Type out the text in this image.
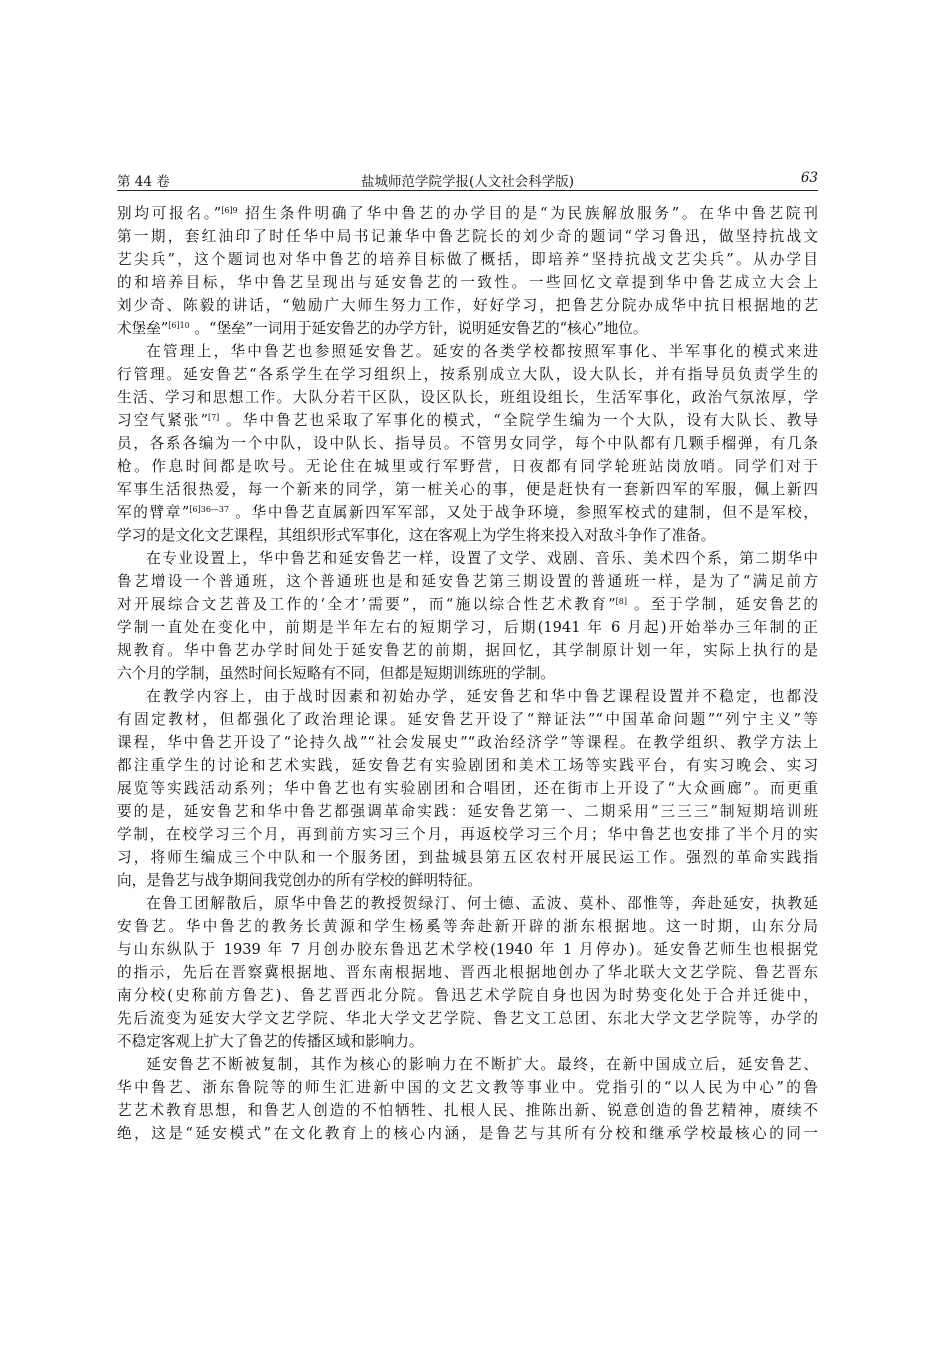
第 44 卷	盐城师范学院学报(人文社会科学版)	63
别均可报名。”$^{[6]9}$ 招生条件明确了华中鲁艺的办学目的是“为民族解放服务”。在华中鲁艺院刊
第一期，套红油印了时任华中局书记兼华中鲁艺院长的刘少奇的题词“学习鲁迅，做坚持抗战文
艺尖兵”，这个题词也对华中鲁艺的培养目标做了概括，即培养“坚持抗战文艺尖兵”。从办学目
的和培养目标，华中鲁艺呈现出与延安鲁艺的一致性。一些回忆文章提到华中鲁艺成立大会上
刘少奇、陈毅的讲话，“勉励广大师生努力工作，好好学习，把鲁艺分院办成华中抗日根据地的艺
术堡垒”$^{[6]10}$ 。“堡垒”一词用于延安鲁艺的办学方针，说明延安鲁艺的“核心”地位。
在管理上，华中鲁艺也参照延安鲁艺。延安的各类学校都按照军事化、半军事化的模式来进
行管理。延安鲁艺“各系学生在学习组织上，按系别成立大队，设大队长，并有指导员负责学生的
生活、学习和思想工作。大队分若干区队，设区队长，班组设组长，生活军事化，政治气氛浓厚，学
习空气紧张”[7] 。华中鲁艺也采取了军事化的模式，“全院学生编为一个大队，设有大队长、教导
员，各系各编为一个中队，设中队长、指导员。不管男女同学，每个中队都有几颗手榴弹，有几条
枪。作息时间都是吹号。无论住在城里或行军野营，日夜都有同学轮班站岗放哨。同学们对于
军事生活很热爱，每一个新来的同学，第一桩关心的事，便是赶快有一套新四军的军服，佩上新四
军的臂章”$^{[6]36—37}$ 。华中鲁艺直属新四军军部，又处于战争环境，参照军校式的建制，但不是军校，
学习的是文化文艺课程，其组织形式军事化，这在客观上为学生将来投入对敌斗争作了准备。
在专业设置上，华中鲁艺和延安鲁艺一样，设置了文学、戏剧、音乐、美术四个系，第二期华中
鲁艺增设一个普通班，这个普通班也是和延安鲁艺第三期设置的普通班一样，是为了“满足前方
对开展综合文艺普及工作的‘全才’需要”，而“施以综合性艺术教育”[8] 。至于学制，延安鲁艺的
学制一直处在变化中，前期是半年左右的短期学习，后期(1941 年 6 月起)开始举办三年制的正
规教育。华中鲁艺办学时间处于延安鲁艺的前期，据回忆，其学制原计划一年，实际上执行的是
六个月的学制，虽然时间长短略有不同，但都是短期训练班的学制。
在教学内容上，由于战时因素和初始办学，延安鲁艺和华中鲁艺课程设置并不稳定，也都没
有固定教材，但都强化了政治理论课。延安鲁艺开设了“辩证法”“中国革命问题”“列宁主义”等
课程，华中鲁艺开设了“论持久战”“社会发展史”“政治经济学”等课程。在教学组织、教学方法上
都注重学生的讨论和艺术实践，延安鲁艺有实验剧团和美术工场等实践平台，有实习晚会、实习
展览等实践活动系列；华中鲁艺也有实验剧团和合唱团，还在街市上开设了“大众画廊”。而更重
要的是，延安鲁艺和华中鲁艺都强调革命实践：延安鲁艺第一、二期采用“三三三”制短期培训班
学制，在校学习三个月，再到前方实习三个月，再返校学习三个月；华中鲁艺也安排了半个月的实
习，将师生编成三个中队和一个服务团，到盐城县第五区农村开展民运工作。强烈的革命实践指
向，是鲁艺与战争期间我党创办的所有学校的鲜明特征。
在鲁工团解散后，原华中鲁艺的教授贺绿汀、何士德、孟波、莫朴、邵惟等，奔赴延安，执教延
安鲁艺。华中鲁艺的教务长黄源和学生杨奚等奔赴新开辟的浙东根据地。这一时期，山东分局
与山东纵队于 1939 年 7 月创办胶东鲁迅艺术学校(1940 年 1 月停办)。延安鲁艺师生也根据党
的指示，先后在晋察冀根据地、晋东南根据地、晋西北根据地创办了华北联大文艺学院、鲁艺晋东
南分校(史称前方鲁艺)、鲁艺晋西北分院。鲁迅艺术学院自身也因为时势变化处于合并迁徙中，
先后流变为延安大学文艺学院、华北大学文艺学院、鲁艺文工总团、东北大学文艺学院等，办学的
不稳定客观上扩大了鲁艺的传播区域和影响力。
延安鲁艺不断被复制，其作为核心的影响力在不断扩大。最终，在新中国成立后，延安鲁艺、
华中鲁艺、浙东鲁院等的师生汇进新中国的文艺文教等事业中。党指引的“以人民为中心”的鲁
艺艺术教育思想，和鲁艺人创造的不怕牺牲、扎根人民、推陈出新、锐意创造的鲁艺精神，赓续不
绝，这是“延安模式”在文化教育上的核心内涵，是鲁艺与其所有分校和继承学校最核心的同一
